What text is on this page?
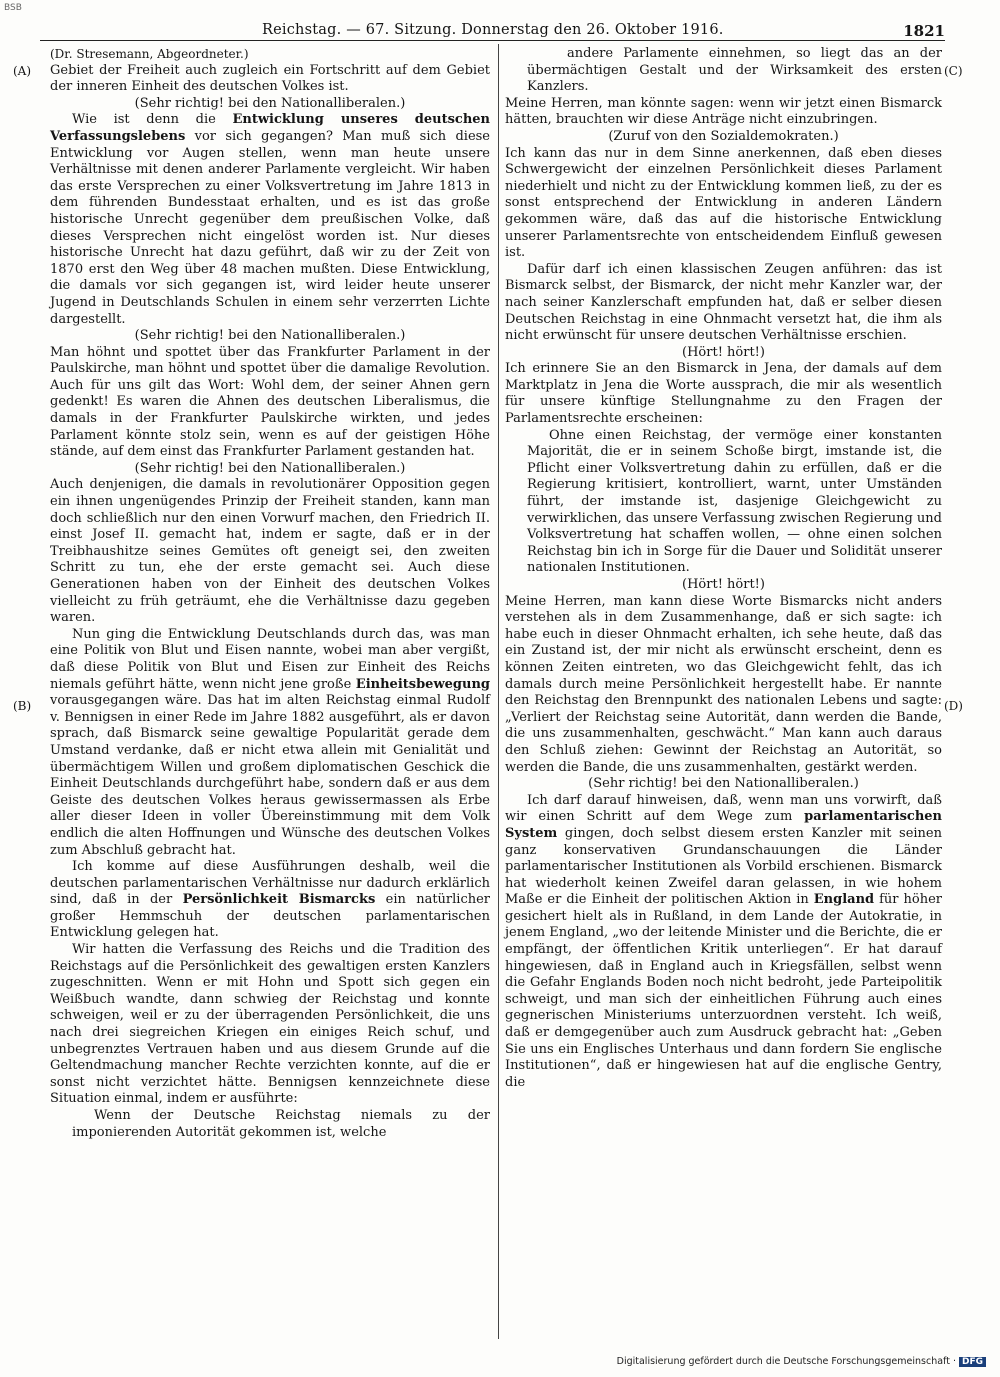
BSB
Reichstag. — 67. Sitzung. Donnerstag den 26. Oktober 1916.	1821
(A)
(B)
(C)
(D)

(Dr. Stresemann, Abgeordneter.)

Gebiet der Freiheit auch zugleich ein Fortschritt auf dem Gebiet der inneren Einheit des deutschen Volkes ist.

(Sehr richtig! bei den Nationalliberalen.)

Wie ist denn die Entwicklung unseres deutschen Verfassungslebens vor sich gegangen? Man muß sich diese Entwicklung vor Augen stellen, wenn man heute unsere Verhältnisse mit denen anderer Parlamente vergleicht. Wir haben das erste Versprechen zu einer Volksvertretung im Jahre 1813 in dem führenden Bundesstaat erhalten, und es ist das große historische Unrecht gegenüber dem preußischen Volke, daß dieses Versprechen nicht eingelöst worden ist. Nur dieses historische Unrecht hat dazu geführt, daß wir zu der Zeit von 1870 erst den Weg über 48 machen mußten. Diese Entwicklung, die damals vor sich gegangen ist, wird leider heute unserer Jugend in Deutschlands Schulen in einem sehr verzerrten Lichte dargestellt.

(Sehr richtig! bei den Nationalliberalen.)

Man höhnt und spottet über das Frankfurter Parlament in der Paulskirche, man höhnt und spottet über die damalige Revolution. Auch für uns gilt das Wort: Wohl dem, der seiner Ahnen gern gedenkt! Es waren die Ahnen des deutschen Liberalismus, die damals in der Frankfurter Paulskirche wirkten, und jedes Parlament könnte stolz sein, wenn es auf der geistigen Höhe stände, auf dem einst das Frankfurter Parlament gestanden hat.

(Sehr richtig! bei den Nationalliberalen.)

Auch denjenigen, die damals in revolutionärer Opposition gegen ein ihnen ungenügendes Prinzip der Freiheit standen, kann man doch schließlich nur den einen Vorwurf machen, den Friedrich II. einst Josef II. gemacht hat, indem er sagte, daß er in der Treibhaushitze seines Gemütes oft geneigt sei, den zweiten Schritt zu tun, ehe der erste gemacht sei. Auch diese Generationen haben von der Einheit des deutschen Volkes vielleicht zu früh geträumt, ehe die Verhältnisse dazu gegeben waren.

Nun ging die Entwicklung Deutschlands durch das, was man eine Politik von Blut und Eisen nannte, wobei man aber vergißt, daß diese Politik von Blut und Eisen zur Einheit des Reichs niemals geführt hätte, wenn nicht jene große Einheitsbewegung vorausgegangen wäre. Das hat im alten Reichstag einmal Rudolf v. Bennigsen in einer Rede im Jahre 1882 ausgeführt, als er davon sprach, daß Bismarck seine gewaltige Popularität gerade dem Umstand verdanke, daß er nicht etwa allein mit Genialität und übermächtigem Willen und großem diplomatischen Geschick die Einheit Deutschlands durchgeführt habe, sondern daß er aus dem Geiste des deutschen Volkes heraus gewissermassen als Erbe aller dieser Ideen in voller Übereinstimmung mit dem Volk endlich die alten Hoffnungen und Wünsche des deutschen Volkes zum Abschluß gebracht hat.

Ich komme auf diese Ausführungen deshalb, weil die deutschen parlamentarischen Verhältnisse nur dadurch erklärlich sind, daß in der Persönlichkeit Bismarcks ein natürlicher großer Hemmschuh der deutschen parlamentarischen Entwicklung gelegen hat.

Wir hatten die Verfassung des Reichs und die Tradition des Reichstags auf die Persönlichkeit des gewaltigen ersten Kanzlers zugeschnitten. Wenn er mit Hohn und Spott sich gegen ein Weißbuch wandte, dann schwieg der Reichstag und konnte schweigen, weil er zu der überragenden Persönlichkeit, die uns nach drei siegreichen Kriegen ein einiges Reich schuf, und unbegrenztes Vertrauen haben und aus diesem Grunde auf die Geltendmachung mancher Rechte verzichten konnte, auf die er sonst nicht verzichtet hätte. Bennigsen kennzeichnete diese Situation einmal, indem er ausführte:

Wenn der Deutsche Reichstag niemals zu der imponierenden Autorität gekommen ist, welche

andere Parlamente einnehmen, so liegt das an der übermächtigen Gestalt und der Wirksamkeit des ersten Kanzlers.

Meine Herren, man könnte sagen: wenn wir jetzt einen Bismarck hätten, brauchten wir diese Anträge nicht einzubringen.

(Zuruf von den Sozialdemokraten.)

Ich kann das nur in dem Sinne anerkennen, daß eben dieses Schwergewicht der einzelnen Persönlichkeit dieses Parlament niederhielt und nicht zu der Entwicklung kommen ließ, zu der es sonst entsprechend der Entwicklung in anderen Ländern gekommen wäre, daß das auf die historische Entwicklung unserer Parlamentsrechte von entscheidendem Einfluß gewesen ist.

Dafür darf ich einen klassischen Zeugen anführen: das ist Bismarck selbst, der Bismarck, der nicht mehr Kanzler war, der nach seiner Kanzlerschaft empfunden hat, daß er selber diesen Deutschen Reichstag in eine Ohnmacht versetzt hat, die ihm als nicht erwünscht für unsere deutschen Verhältnisse erschien.

(Hört! hört!)

Ich erinnere Sie an den Bismarck in Jena, der damals auf dem Marktplatz in Jena die Worte aussprach, die mir als wesentlich für unsere künftige Stellungnahme zu den Fragen der Parlamentsrechte erscheinen:

Ohne einen Reichstag, der vermöge einer konstanten Majorität, die er in seinem Schoße birgt, imstande ist, die Pflicht einer Volksvertretung dahin zu erfüllen, daß er die Regierung kritisiert, kontrolliert, warnt, unter Umständen führt, der imstande ist, dasjenige Gleichgewicht zu verwirklichen, das unsere Verfassung zwischen Regierung und Volksvertretung hat schaffen wollen, — ohne einen solchen Reichstag bin ich in Sorge für die Dauer und Solidität unserer nationalen Institutionen.

(Hört! hört!)

Meine Herren, man kann diese Worte Bismarcks nicht anders verstehen als in dem Zusammenhange, daß er sich sagte: ich habe euch in dieser Ohnmacht erhalten, ich sehe heute, daß das ein Zustand ist, der mir nicht als erwünscht erscheint, denn es können Zeiten eintreten, wo das Gleichgewicht fehlt, das ich damals durch meine Persönlichkeit hergestellt habe. Er nannte den Reichstag den Brennpunkt des nationalen Lebens und sagte: „Verliert der Reichstag seine Autorität, dann werden die Bande, die uns zusammenhalten, geschwächt.“ Man kann auch daraus den Schluß ziehen: Gewinnt der Reichstag an Autorität, so werden die Bande, die uns zusammenhalten, gestärkt werden.

(Sehr richtig! bei den Nationalliberalen.)

Ich darf darauf hinweisen, daß, wenn man uns vorwirft, daß wir einen Schritt auf dem Wege zum parlamentarischen System gingen, doch selbst diesem ersten Kanzler mit seinen ganz konservativen Grundanschauungen die Länder parlamentarischer Institutionen als Vorbild erschienen. Bismarck hat wiederholt keinen Zweifel daran gelassen, in wie hohem Maße er die Einheit der politischen Aktion in England für höher gesichert hielt als in Rußland, in dem Lande der Autokratie, in jenem England, „wo der leitende Minister und die Berichte, die er empfängt, der öffentlichen Kritik unterliegen“. Er hat darauf hingewiesen, daß in England auch in Kriegsfällen, selbst wenn die Gefahr Englands Boden noch nicht bedroht, jede Parteipolitik schweigt, und man sich der einheitlichen Führung auch eines gegnerischen Ministeriums unterzuordnen versteht. Ich weiß, daß er demgegenüber auch zum Ausdruck gebracht hat: „Geben Sie uns ein Englisches Unterhaus und dann fordern Sie englische Institutionen“, daß er hingewiesen hat auf die englische Gentry, die

Digitalisierung gefördert durch die Deutsche Forschungsgemeinschaft · DFG
